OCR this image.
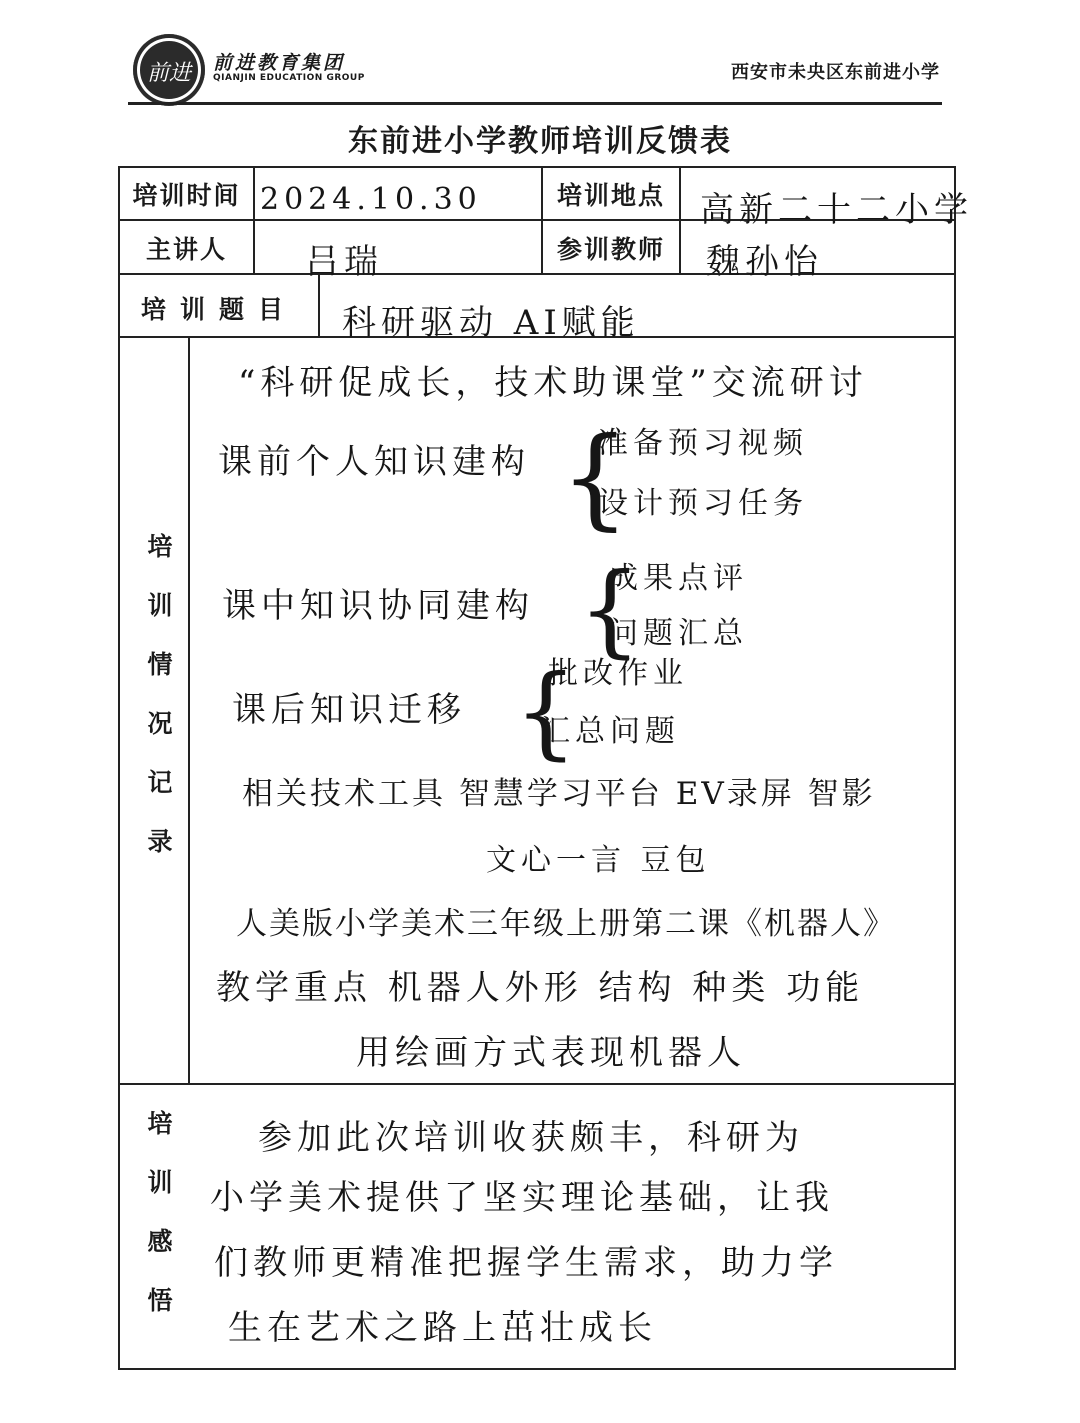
前进	前进教育集团
QIANJIN EDUCATION GROUP	西安市未央区东前进小学
东前进小学教师培训反馈表
培训时间 2024.10.30	培训地点	高新二十二小学
主讲人	吕瑞	参训教师	魏孙怡
培训题目	科研驱动 AI赋能
培训情况记录
“科研促成长，技术助课堂”交流研讨
课前个人知识建构 {
准备预习视频
设计预习任务
课中知识协同建构 {
成果点评
问题汇总
课后知识迁移 {
批改作业
汇总问题
相关技术工具 智慧学习平台 EV录屏 智影
文心一言 豆包
人美版小学美术三年级上册第二课《机器人》
教学重点 机器人外形 结构 种类 功能
用绘画方式表现机器人
培训感悟	参加此次培训收获颇丰，科研为
小学美术提供了坚实理论基础，让我
们教师更精准把握学生需求，助力学
生在艺术之路上茁壮成长
